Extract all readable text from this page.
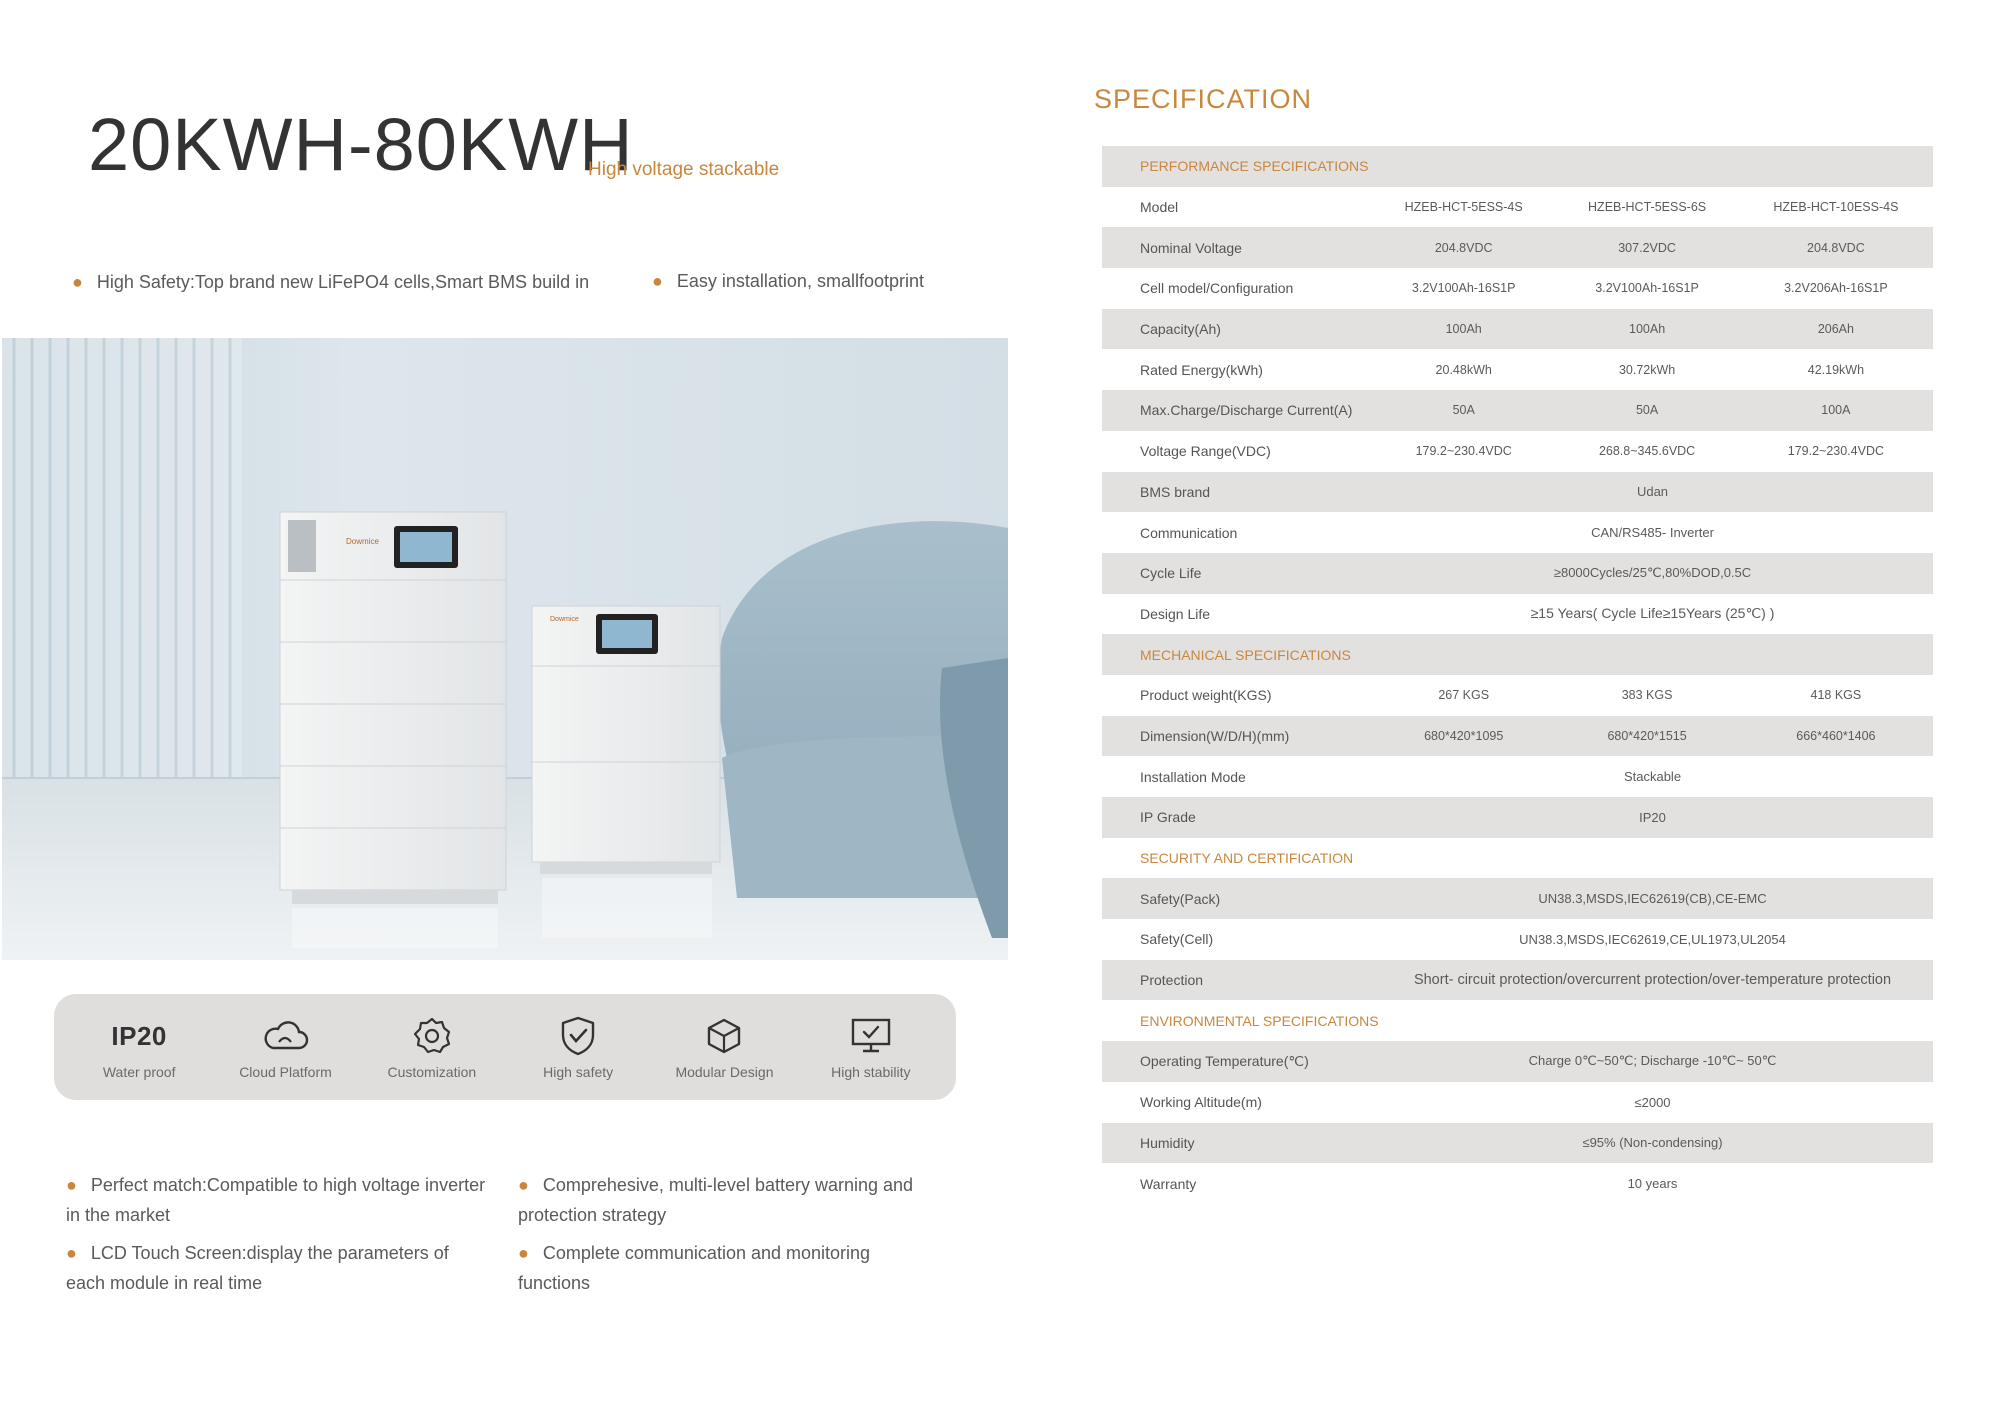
20KWH-80KWH
High voltage stackable
● High Safety:Top brand new LiFePO4 cells,Smart BMS build in	● Easy installation, smallfootprint
Dowmice
Dowmice
IP20
Water proof	Cloud Platform	Customization	High safety	Modular Design	High stability
● Perfect match:Compatible to high voltage inverter in the market
● LCD Touch Screen:display the parameters of each module in real time
● Comprehesive, multi-level battery warning and protection strategy
● Complete communication and monitoring functions
SPECIFICATION
PERFORMANCE SPECIFICATIONS			
Model	HZEB-HCT-5ESS-4S	HZEB-HCT-5ESS-6S	HZEB-HCT-10ESS-4S
Nominal Voltage	204.8VDC	307.2VDC	204.8VDC
Cell model/Configuration	3.2V100Ah-16S1P	3.2V100Ah-16S1P	3.2V206Ah-16S1P
Capacity(Ah)	100Ah	100Ah	206Ah
Rated Energy(kWh)	20.48kWh	30.72kWh	42.19kWh
Max.Charge/Discharge Current(A)	50A	50A	100A
Voltage Range(VDC)	179.2~230.4VDC	268.8~345.6VDC	179.2~230.4VDC
BMS brand	Udan		
Communication	CAN/RS485- Inverter		
Cycle Life	≥8000Cycles/25℃,80%DOD,0.5C		
Design Life	≥15 Years( Cycle Life≥15Years (25℃) )		
MECHANICAL SPECIFICATIONS			
Product weight(KGS)	267 KGS	383 KGS	418 KGS
Dimension(W/D/H)(mm)	680*420*1095	680*420*1515	666*460*1406
Installation Mode	Stackable		
IP Grade	IP20		
SECURITY AND CERTIFICATION			
Safety(Pack)	UN38.3,MSDS,IEC62619(CB),CE-EMC		
Safety(Cell)	UN38.3,MSDS,IEC62619,CE,UL1973,UL2054		
Protection	Short- circuit protection/overcurrent protection/over-temperature protection		
ENVIRONMENTAL SPECIFICATIONS			
Operating Temperature(℃)	Charge 0℃~50℃; Discharge -10℃~ 50℃		
Working Altitude(m)	≤2000		
Humidity	≤95% (Non-condensing)		
Warranty	10 years		
